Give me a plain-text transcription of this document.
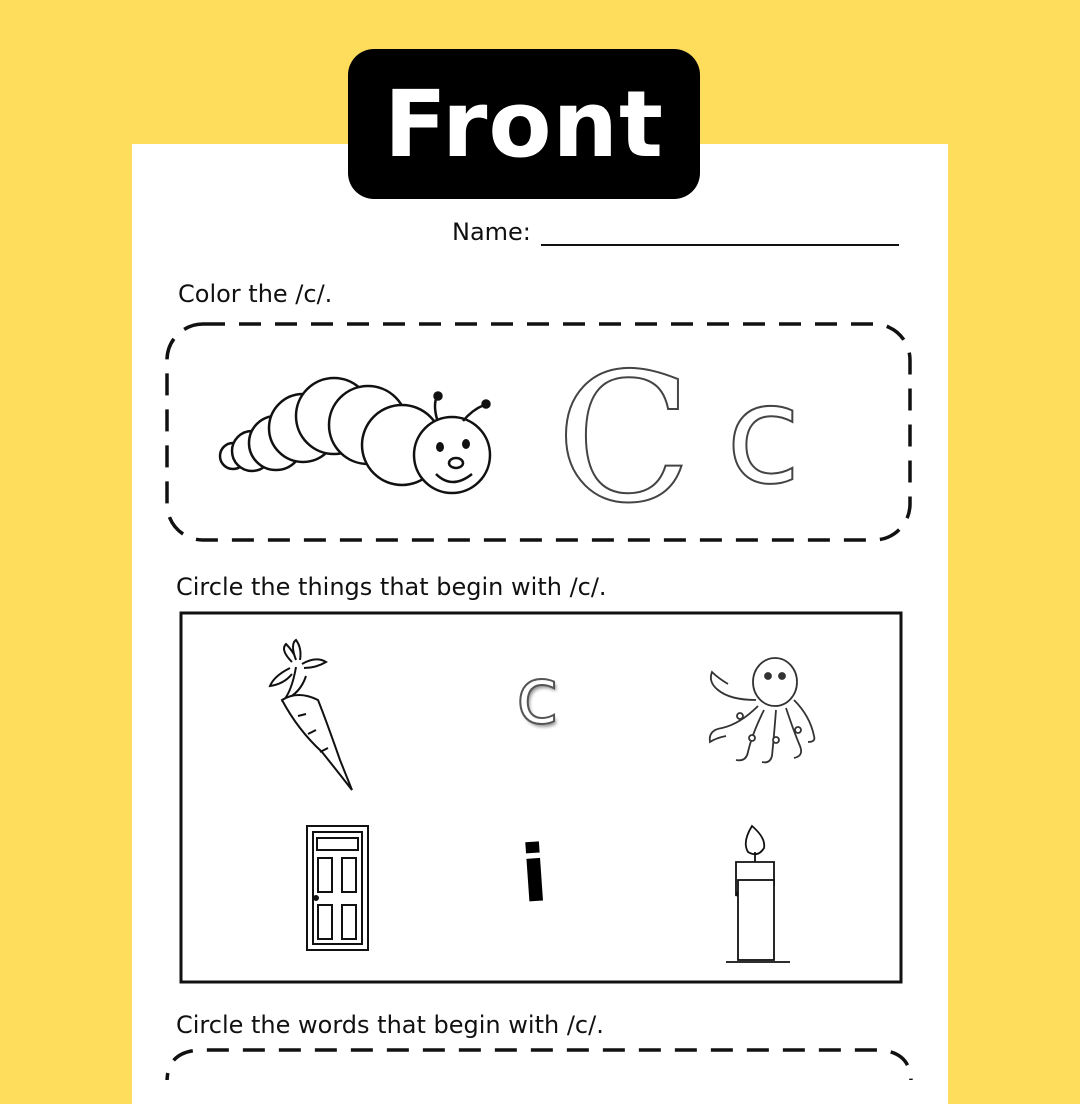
Front
Name:
Color the /c/.
Circle the things that begin with /c/.
Circle the words that begin with /c/.
C c
c
i
